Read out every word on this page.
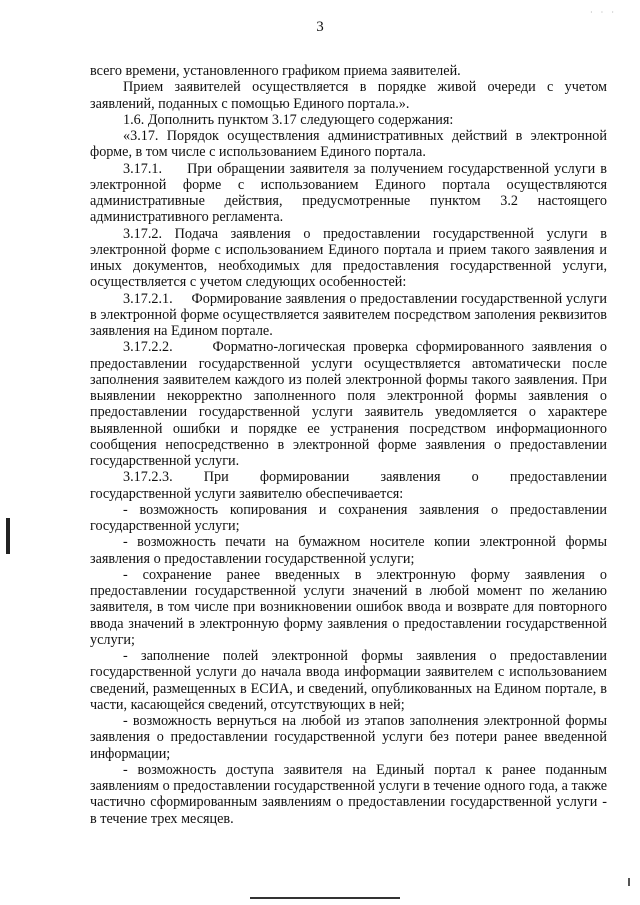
· · ·
3

всего времени, установленного графиком приема заявителей.

Прием заявителей осуществляется в порядке живой очереди с учетом заявлений, поданных с помощью Единого портала.».

1.6. Дополнить пунктом 3.17 следующего содержания:

«3.17. Порядок осуществления административных действий в электронной форме, в том числе с использованием Единого портала.

3.17.1.     При обращении заявителя за получением государственной услуги в электронной форме с использованием Единого портала осуществляются административные действия, предусмотренные пунктом 3.2 настоящего административного регламента.

3.17.2. Подача заявления о предоставлении государственной услуги в электронной форме с использованием Единого портала и прием такого заявления и иных документов, необходимых для предоставления государственной услуги, осуществляется с учетом следующих особенностей:

3.17.2.1.     Формирование заявления о предоставлении государственной услуги в электронной форме осуществляется заявителем посредством заполения реквизитов заявления на Едином портале.

3.17.2.2.     Форматно-логическая проверка сформированного заявления о предоставлении государственной услуги осуществляется автоматически после заполнения заявителем каждого из полей электронной формы такого заявления. При выявлении некорректно заполненного поля электронной формы заявления о предоставлении государственной услуги заявитель уведомляется о характере выявленной ошибки и порядке ее устранения посредством информационного сообщения непосредственно в электронной форме заявления о предоставлении государственной услуги.

3.17.2.3.     При     формировании     заявления     о     предоставлении государственной услуги заявителю обеспечивается:

- возможность копирования и сохранения заявления о предоставлении государственной услуги;

- возможность печати на бумажном носителе копии электронной формы заявления о предоставлении государственной услуги;

- сохранение ранее введенных в электронную форму заявления о предоставлении государственной услуги значений в любой момент по желанию заявителя, в том числе при возникновении ошибок ввода и возврате для повторного ввода значений в электронную форму заявления о предоставлении государственной услуги;

- заполнение полей электронной формы заявления о предоставлении государственной услуги до начала ввода информации заявителем с использованием сведений, размещенных в ЕСИА, и сведений, опубликованных на Едином портале, в части, касающейся сведений, отсутствующих в ней;

- возможность вернуться на любой из этапов заполнения электронной формы заявления о предоставлении государственной услуги без потери ранее введенной информации;

- возможность доступа заявителя на Единый портал к ранее поданным заявлениям о предоставлении государственной услуги в течение одного года, а также частично сформированным заявлениям о предоставлении государственной услуги - в течение трех месяцев.
